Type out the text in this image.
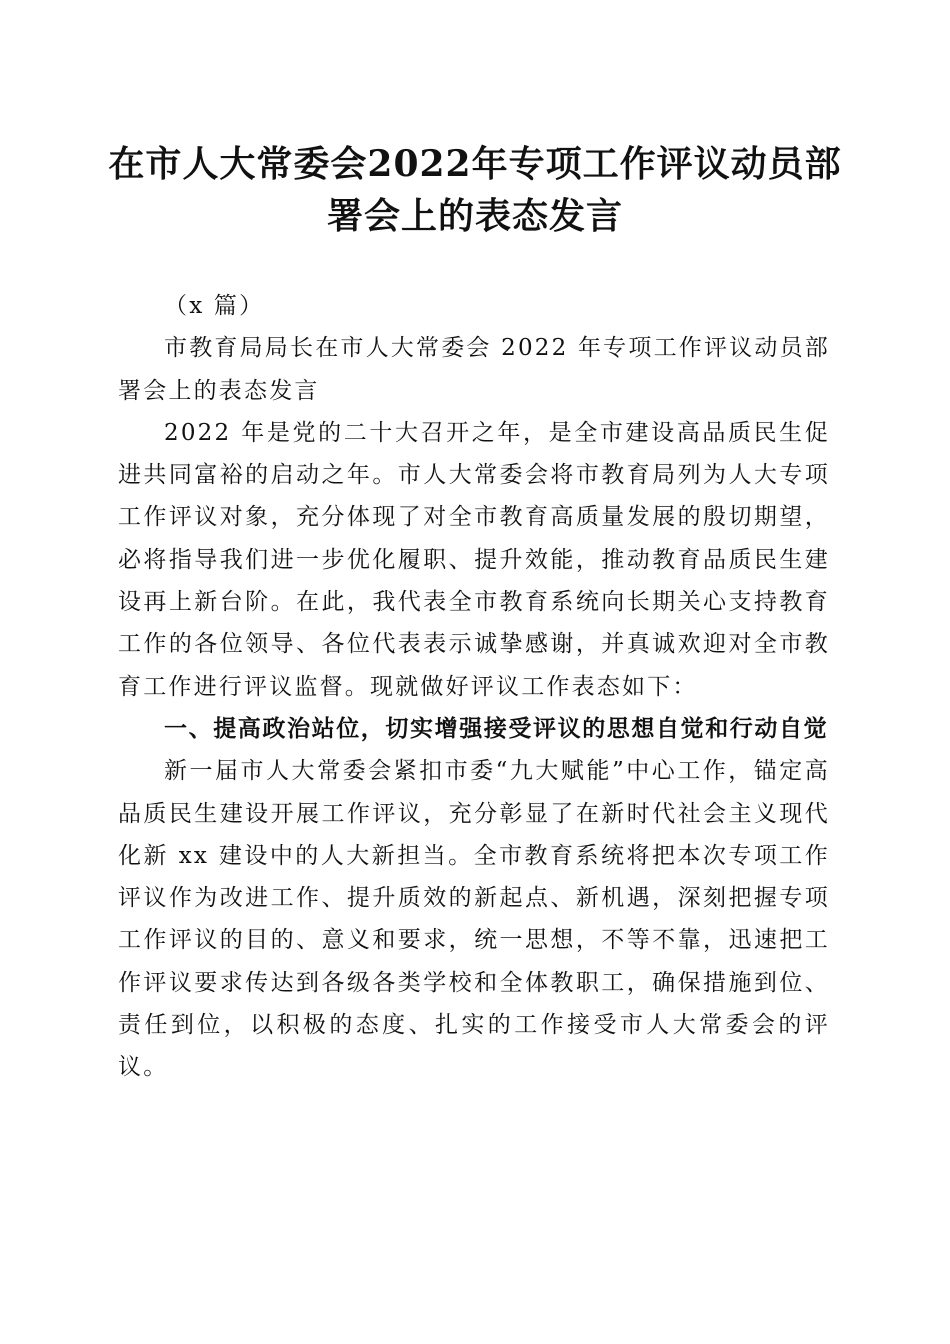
在市人大常委会2022年专项工作评议动员部署会上的表态发言

（x 篇）

市教育局局长在市人大常委会 2022 年专项工作评议动员部署会上的表态发言

2022 年是党的二十大召开之年，是全市建设高品质民生促进共同富裕的启动之年。市人大常委会将市教育局列为人大专项工作评议对象，充分体现了对全市教育高质量发展的殷切期望，必将指导我们进一步优化履职、提升效能，推动教育品质民生建设再上新台阶。在此，我代表全市教育系统向长期关心支持教育工作的各位领导、各位代表表示诚挚感谢，并真诚欢迎对全市教育工作进行评议监督。现就做好评议工作表态如下：

一、提高政治站位，切实增强接受评议的思想自觉和行动自觉

新一届市人大常委会紧扣市委“九大赋能”中心工作，锚定高品质民生建设开展工作评议，充分彰显了在新时代社会主义现代化新 xx 建设中的人大新担当。全市教育系统将把本次专项工作评议作为改进工作、提升质效的新起点、新机遇，深刻把握专项工作评议的目的、意义和要求，统一思想，不等不靠，迅速把工作评议要求传达到各级各类学校和全体教职工，确保措施到位、责任到位，以积极的态度、扎实的工作接受市人大常委会的评议。
